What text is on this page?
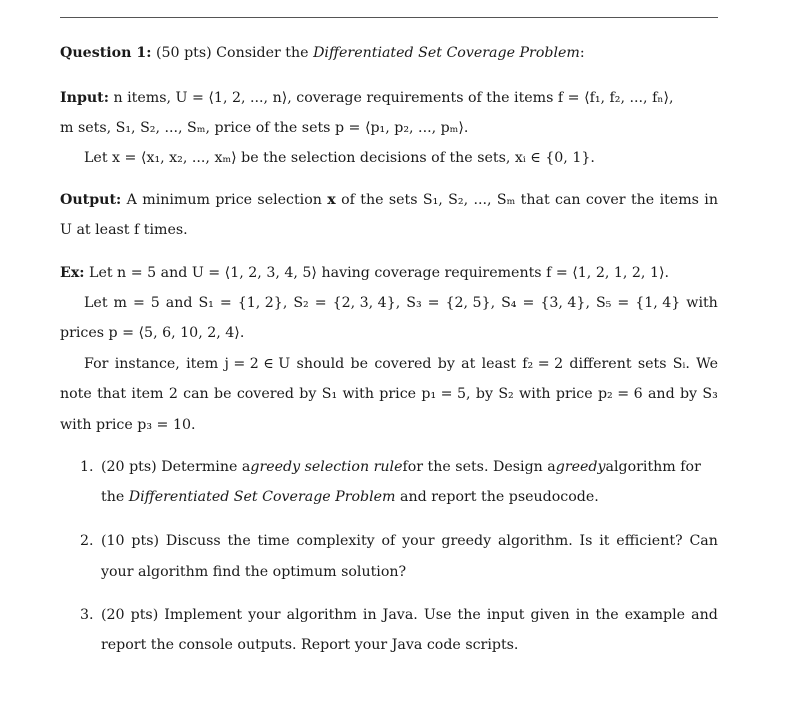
Question 1: (50 pts) Consider the Differentiated Set Coverage Problem:
Input: n items, U = ⟨1, 2, ..., n⟩, coverage requirements of the items f = ⟨f₁, f₂, ..., fₙ⟩,
m sets, S₁, S₂, ..., Sₘ, price of the sets p = ⟨p₁, p₂, ..., pₘ⟩.
Let x = ⟨x₁, x₂, ..., xₘ⟩ be the selection decisions of the sets, xᵢ ∈ {0, 1}.
Output: A minimum price selection x of the sets S₁, S₂, ..., Sₘ that can cover the items in
U at least f times.
Ex: Let n = 5 and U = ⟨1, 2, 3, 4, 5⟩ having coverage requirements f = ⟨1, 2, 1, 2, 1⟩.
Let m = 5 and S₁ = {1, 2}, S₂ = {2, 3, 4}, S₃ = {2, 5}, S₄ = {3, 4}, S₅ = {1, 4} with
prices p = ⟨5, 6, 10, 2, 4⟩.
For instance, item j = 2 ∈ U should be covered by at least f₂ = 2 different sets Sᵢ. We
note that item 2 can be covered by S₁ with price p₁ = 5, by S₂ with price p₂ = 6 and by S₃
with price p₃ = 10.
1. (20 pts) Determine agreedy selection rulefor the sets. Design agreedyalgorithm for
the Differentiated Set Coverage Problem and report the pseudocode.
2. (10 pts) Discuss the time complexity of your greedy algorithm. Is it efficient? Can
your algorithm find the optimum solution?
3. (20 pts) Implement your algorithm in Java. Use the input given in the example and
report the console outputs. Report your Java code scripts.
